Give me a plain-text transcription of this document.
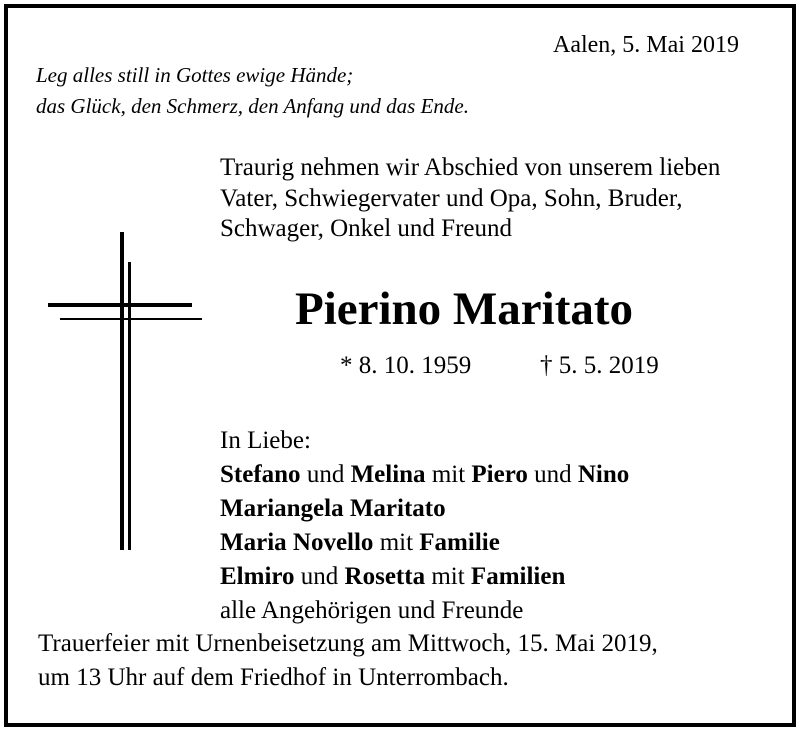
Aalen, 5. Mai 2019
Leg alles still in Gottes ewige Hände;
das Glück, den Schmerz, den Anfang und das Ende.
Traurig nehmen wir Abschied von unserem lieben
Vater, Schwiegervater und Opa, Sohn, Bruder,
Schwager, Onkel und Freund
Pierino Maritato
* 8. 10. 1959	† 5. 5. 2019
In Liebe:
Stefano und Melina mit Piero und Nino
Mariangela Maritato
Maria Novello mit Familie
Elmiro und Rosetta mit Familien
alle Angehörigen und Freunde
Trauerfeier mit Urnenbeisetzung am Mittwoch, 15. Mai 2019,
um 13 Uhr auf dem Friedhof in Unterrombach.
